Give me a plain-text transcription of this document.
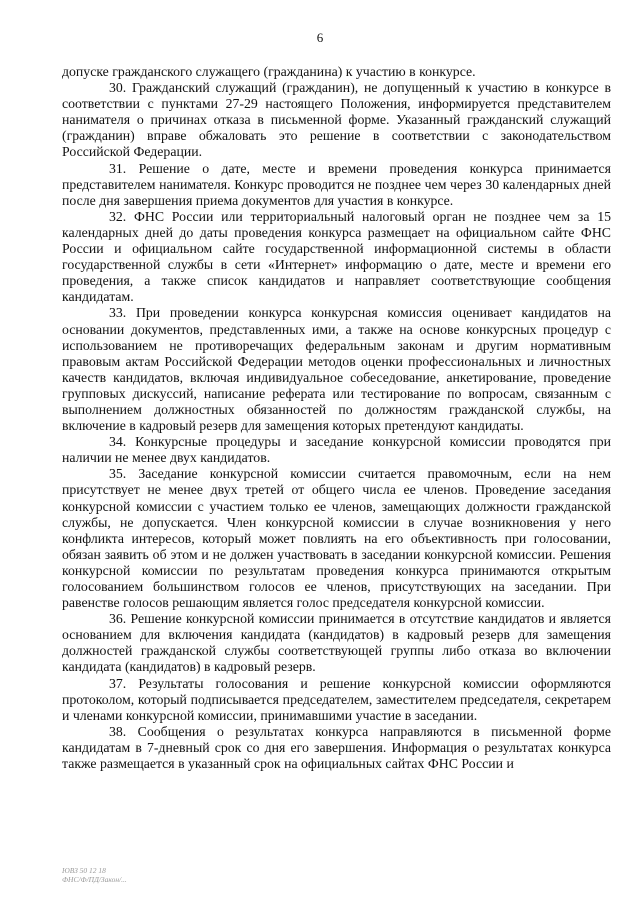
6

допуске гражданского служащего (гражданина) к участию в конкурсе.

30. Гражданский служащий (гражданин), не допущенный к участию в конкурсе в соответствии с пунктами 27-29 настоящего Положения, информируется представителем нанимателя о причинах отказа в письменной форме. Указанный гражданский служащий (гражданин) вправе обжаловать это решение в соответствии с законодательством Российской Федерации.

31. Решение о дате, месте и времени проведения конкурса принимается представителем нанимателя. Конкурс проводится не позднее чем через 30 календарных дней после дня завершения приема документов для участия в конкурсе.

32. ФНС России или территориальный налоговый орган не позднее чем за 15 календарных дней до даты проведения конкурса размещает на официальном сайте ФНС России и официальном сайте государственной информационной системы в области государственной службы в сети «Интернет» информацию о дате, месте и времени его проведения, а также список кандидатов и направляет соответствующие сообщения кандидатам.

33. При проведении конкурса конкурсная комиссия оценивает кандидатов на основании документов, представленных ими, а также на основе конкурсных процедур с использованием не противоречащих федеральным законам и другим нормативным правовым актам Российской Федерации методов оценки профессиональных и личностных качеств кандидатов, включая индивидуальное собеседование, анкетирование, проведение групповых дискуссий, написание реферата или тестирование по вопросам, связанным с выполнением должностных обязанностей по должностям гражданской службы, на включение в кадровый резерв для замещения которых претендуют кандидаты.

34. Конкурсные процедуры и заседание конкурсной комиссии проводятся при наличии не менее двух кандидатов.

35. Заседание конкурсной комиссии считается правомочным, если на нем присутствует не менее двух третей от общего числа ее членов. Проведение заседания конкурсной комиссии с участием только ее членов, замещающих должности гражданской службы, не допускается. Член конкурсной комиссии в случае возникновения у него конфликта интересов, который может повлиять на его объективность при голосовании, обязан заявить об этом и не должен участвовать в заседании конкурсной комиссии. Решения конкурсной комиссии по результатам проведения конкурса принимаются открытым голосованием большинством голосов ее членов, присутствующих на заседании. При равенстве голосов решающим является голос председателя конкурсной комиссии.

36. Решение конкурсной комиссии принимается в отсутствие кандидатов и является основанием для включения кандидата (кандидатов) в кадровый резерв для замещения должностей гражданской службы соответствующей группы либо отказа во включении кандидата (кандидатов) в кадровый резерв.

37. Результаты голосования и решение конкурсной комиссии оформляются протоколом, который подписывается председателем, заместителем председателя, секретарем и членами конкурсной комиссии, принимавшими участие в заседании.

38. Сообщения о результатах конкурса направляются в письменной форме кандидатам в 7-дневный срок со дня его завершения. Информация о результатах конкурса также размещается в указанный срок на официальных сайтах ФНС России и

ЮВЗ 50 12 18
ФНС/Ф/ПД/Закон/...
